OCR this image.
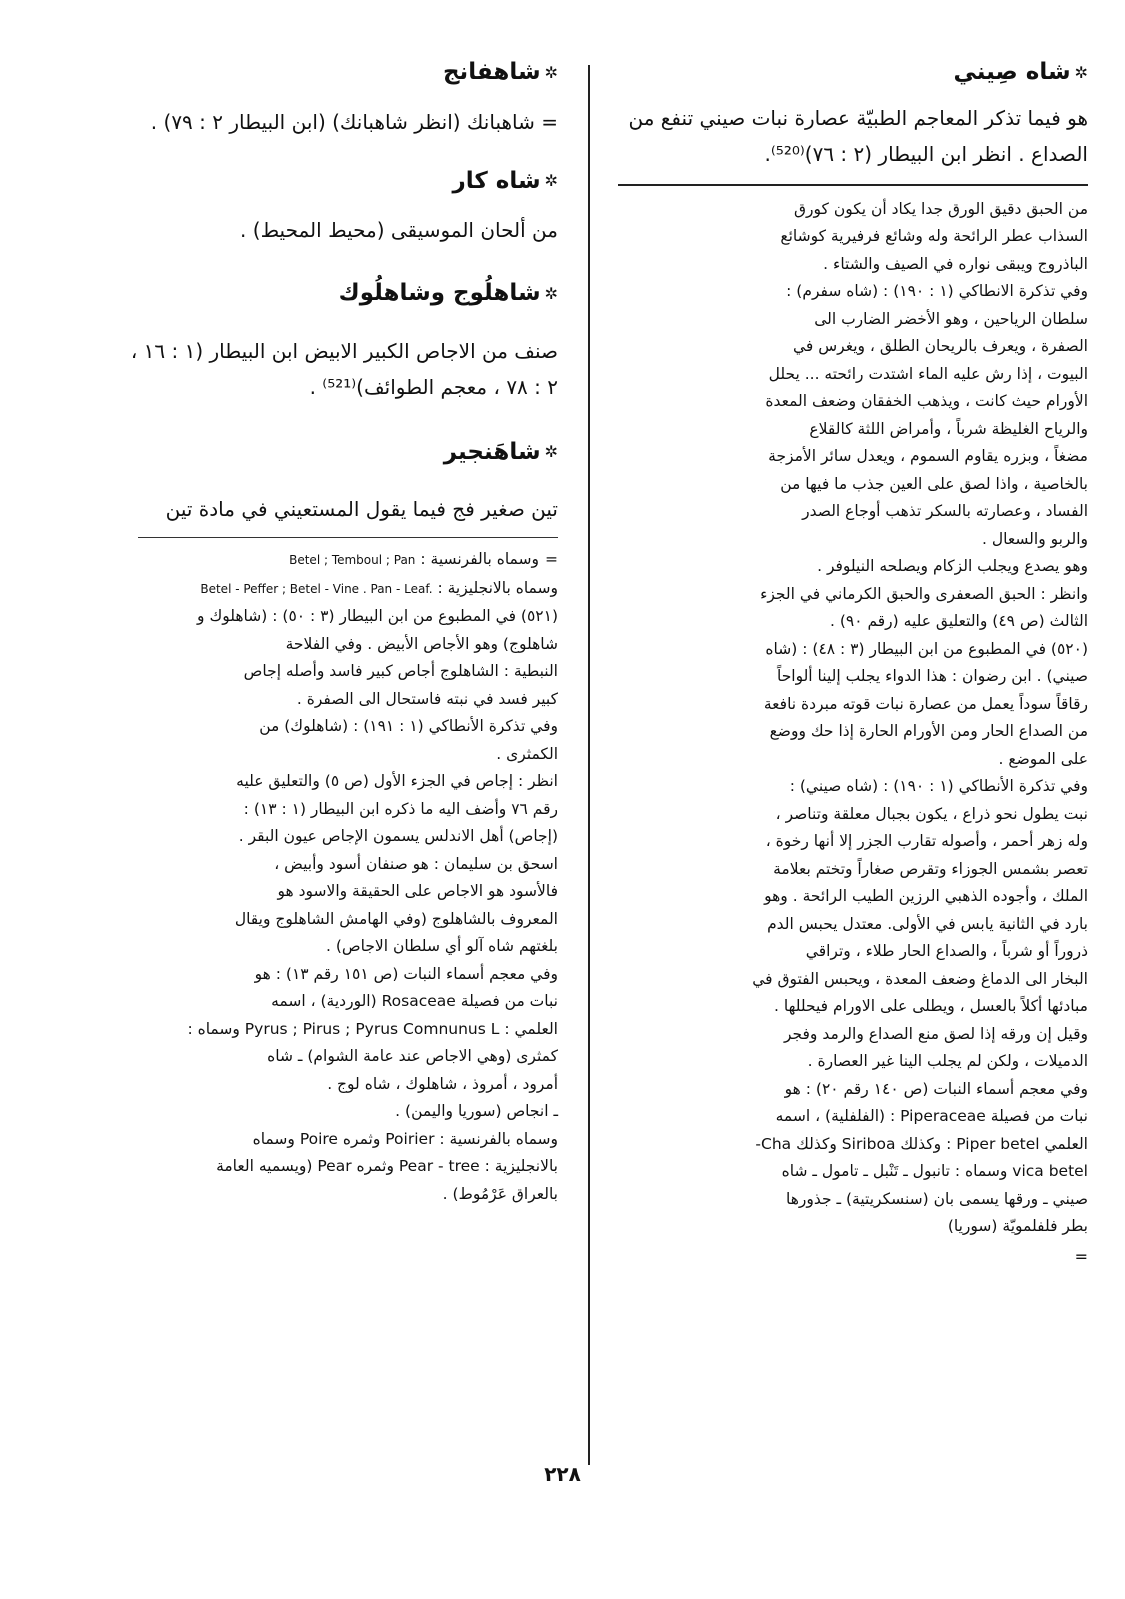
✲شاه صِيني

هو فيما تذكر المعاجم الطبيّة عصارة نبات صيني تنفع من الصداع . انظر ابن البيطار (٢ : ٧٦)⁽⁵²⁰⁾.

من الحبق دقيق الورق جدا يكاد أن يكون كورق

السذاب عطر الرائحة وله وشائع فرفيرية كوشائع

الباذروج ويبقى نواره في الصيف والشتاء .

وفي تذكرة الانطاكي (١ : ١٩٠) : (شاه سفرم) :

سلطان الرياحين ، وهو الأخضر الضارب الى

الصفرة ، ويعرف بالريحان الطلق ، ويغرس في

البيوت ، إذا رش عليه الماء اشتدت رائحته ... يحلل

الأورام حيث كانت ، ويذهب الخفقان وضعف المعدة

والرياح الغليظة شرباً ، وأمراض اللثة كالقلاع

مضغاً ، وبزره يقاوم السموم ، ويعدل سائر الأمزجة

بالخاصية ، واذا لصق على العين جذب ما فيها من

الفساد ، وعصارته بالسكر تذهب أوجاع الصدر

والربو والسعال .

وهو يصدع ويجلب الزكام ويصلحه النيلوفر .

وانظر : الحبق الصعفرى والحبق الكرماني في الجزء

الثالث (ص ٤٩) والتعليق عليه (رقم ٩٠) .

(٥٢٠) في المطبوع من ابن البيطار (٣ : ٤٨) : (شاه

صيني) . ابن رضوان : هذا الدواء يجلب إلينا ألواحاً

رقاقاً سوداً يعمل من عصارة نبات قوته مبردة نافعة

من الصداع الحار ومن الأورام الحارة إذا حك ووضع

على الموضع .

وفي تذكرة الأنطاكي (١ : ١٩٠) : (شاه صيني) :

نبت يطول نحو ذراع ، يكون بجبال معلقة وتناصر ،

وله زهر أحمر ، وأصوله تقارب الجزر إلا أنها رخوة ،

تعصر بشمس الجوزاء وتقرص صغاراً وتختم بعلامة

الملك ، وأجوده الذهبي الرزين الطيب الرائحة . وهو

بارد في الثانية يابس في الأولى. معتدل يحبس الدم

ذروراً أو شرباً ، والصداع الحار طلاء ، وتراقي

البخار الى الدماغ وضعف المعدة ، ويحبس الفتوق في

مبادئها أكلاً بالعسل ، ويطلى على الاورام فيحللها .

وقيل إن ورقه إذا لصق منع الصداع والرمد وفجر

الدميلات ، ولكن لم يجلب الينا غير العصارة .

وفي معجم أسماء النبات (ص ١٤٠ رقم ٢٠) : هو

نبات من فصيلة Piperaceae : (الفلفلية) ، اسمه

العلمي Piper betel : وكذلك Siriboa وكذلك Cha-

vica betel وسماه : تانبول ـ تَنْبل ـ تامول ـ شاه

صيني ـ ورقها يسمى بان (سنسكريتية) ـ جذورها

بطر فلفلمويّة (سوريا)

=

✲شاهفانج

= شاهبانك (انظر شاهبانك) (ابن البيطار ٢ : ٧٩) .

✲شاه كار

من ألحان الموسيقى (محيط المحيط) .

✲شاهلُوج وشاهلُوك

صنف من الاجاص الكبير الابيض ابن البيطار (١ : ١٦ ، ٢ : ٧٨ ، معجم الطوائف)⁽⁵²¹⁾ .

✲شاهَنجير

تين صغير فج فيما يقول المستعيني في مادة تين

=
وسماه بالفرنسية : Betel ; Temboul ; Pan

وسماه بالانجليزية : Betel - Peffer ; Betel - Vine . Pan - Leaf.

(٥٢١) في المطبوع من ابن البيطار (٣ : ٥٠) : (شاهلوك و

شاهلوج) وهو الأجاص الأبيض . وفي الفلاحة

النبطية : الشاهلوج أجاص كبير فاسد وأصله إجاص

كبير فسد في نبته فاستحال الى الصفرة .

وفي تذكرة الأنطاكي (١ : ١٩١) : (شاهلوك) من

الكمثرى .

انظر : إجاص في الجزء الأول (ص ٥) والتعليق عليه

رقم ٧٦ وأضف اليه ما ذكره ابن البيطار (١ : ١٣) :

(إجاص) أهل الاندلس يسمون الإجاص عيون البقر .

اسحق بن سليمان : هو صنفان أسود وأبيض ،

فالأسود هو الاجاص على الحقيقة والاسود هو

المعروف بالشاهلوج (وفي الهامش الشاهلوج ويقال

بلغتهم شاه آلو أي سلطان الاجاص) .

وفي معجم أسماء النبات (ص ١٥١ رقم ١٣) : هو

نبات من فصيلة Rosaceae (الوردية) ، اسمه

العلمي : Pyrus ; Pirus ; Pyrus Comnunus L وسماه :

كمثرى (وهي الاجاص عند عامة الشوام) ـ شاه

أمرود ، أمروذ ، شاهلوك ، شاه لوج .

ـ انجاص (سوريا واليمن) .

وسماه بالفرنسية : Poirier وثمره Poire وسماه

بالانجليزية : Pear - tree وثمره Pear (ويسميه العامة

بالعراق عَرْمُوط) .

٢٢٨
